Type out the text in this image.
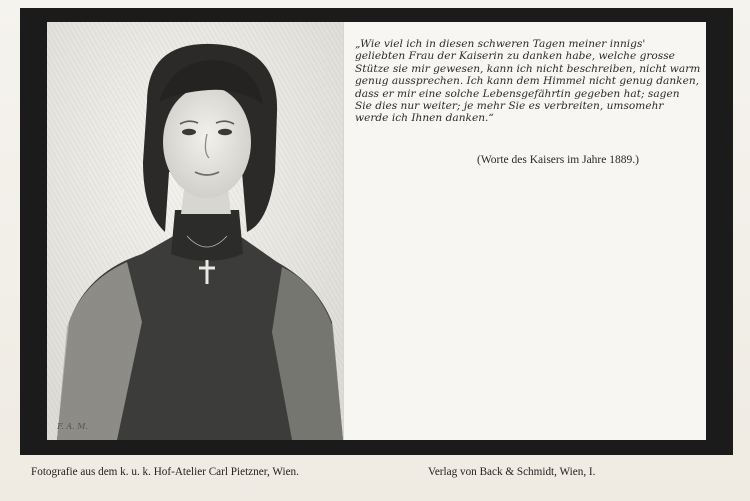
F. A. M.
„Wie viel ich in diesen schweren Tagen meiner innigs'
geliebten Frau der Kaiserin zu danken habe, welche grosse
Stütze sie mir gewesen, kann ich nicht beschreiben, nicht warm
genug aussprechen. Ich kann dem Himmel nicht genug danken,
dass er mir eine solche Lebensgefährtin gegeben hat; sagen
Sie dies nur weiter; je mehr Sie es verbreiten, umsomehr
werde ich Ihnen danken.“
(Worte des Kaisers im Jahre 1889.)
Fotografie aus dem k. u. k. Hof-Atelier Carl Pietzner, Wien.	Verlag von Back & Schmidt, Wien, I.
